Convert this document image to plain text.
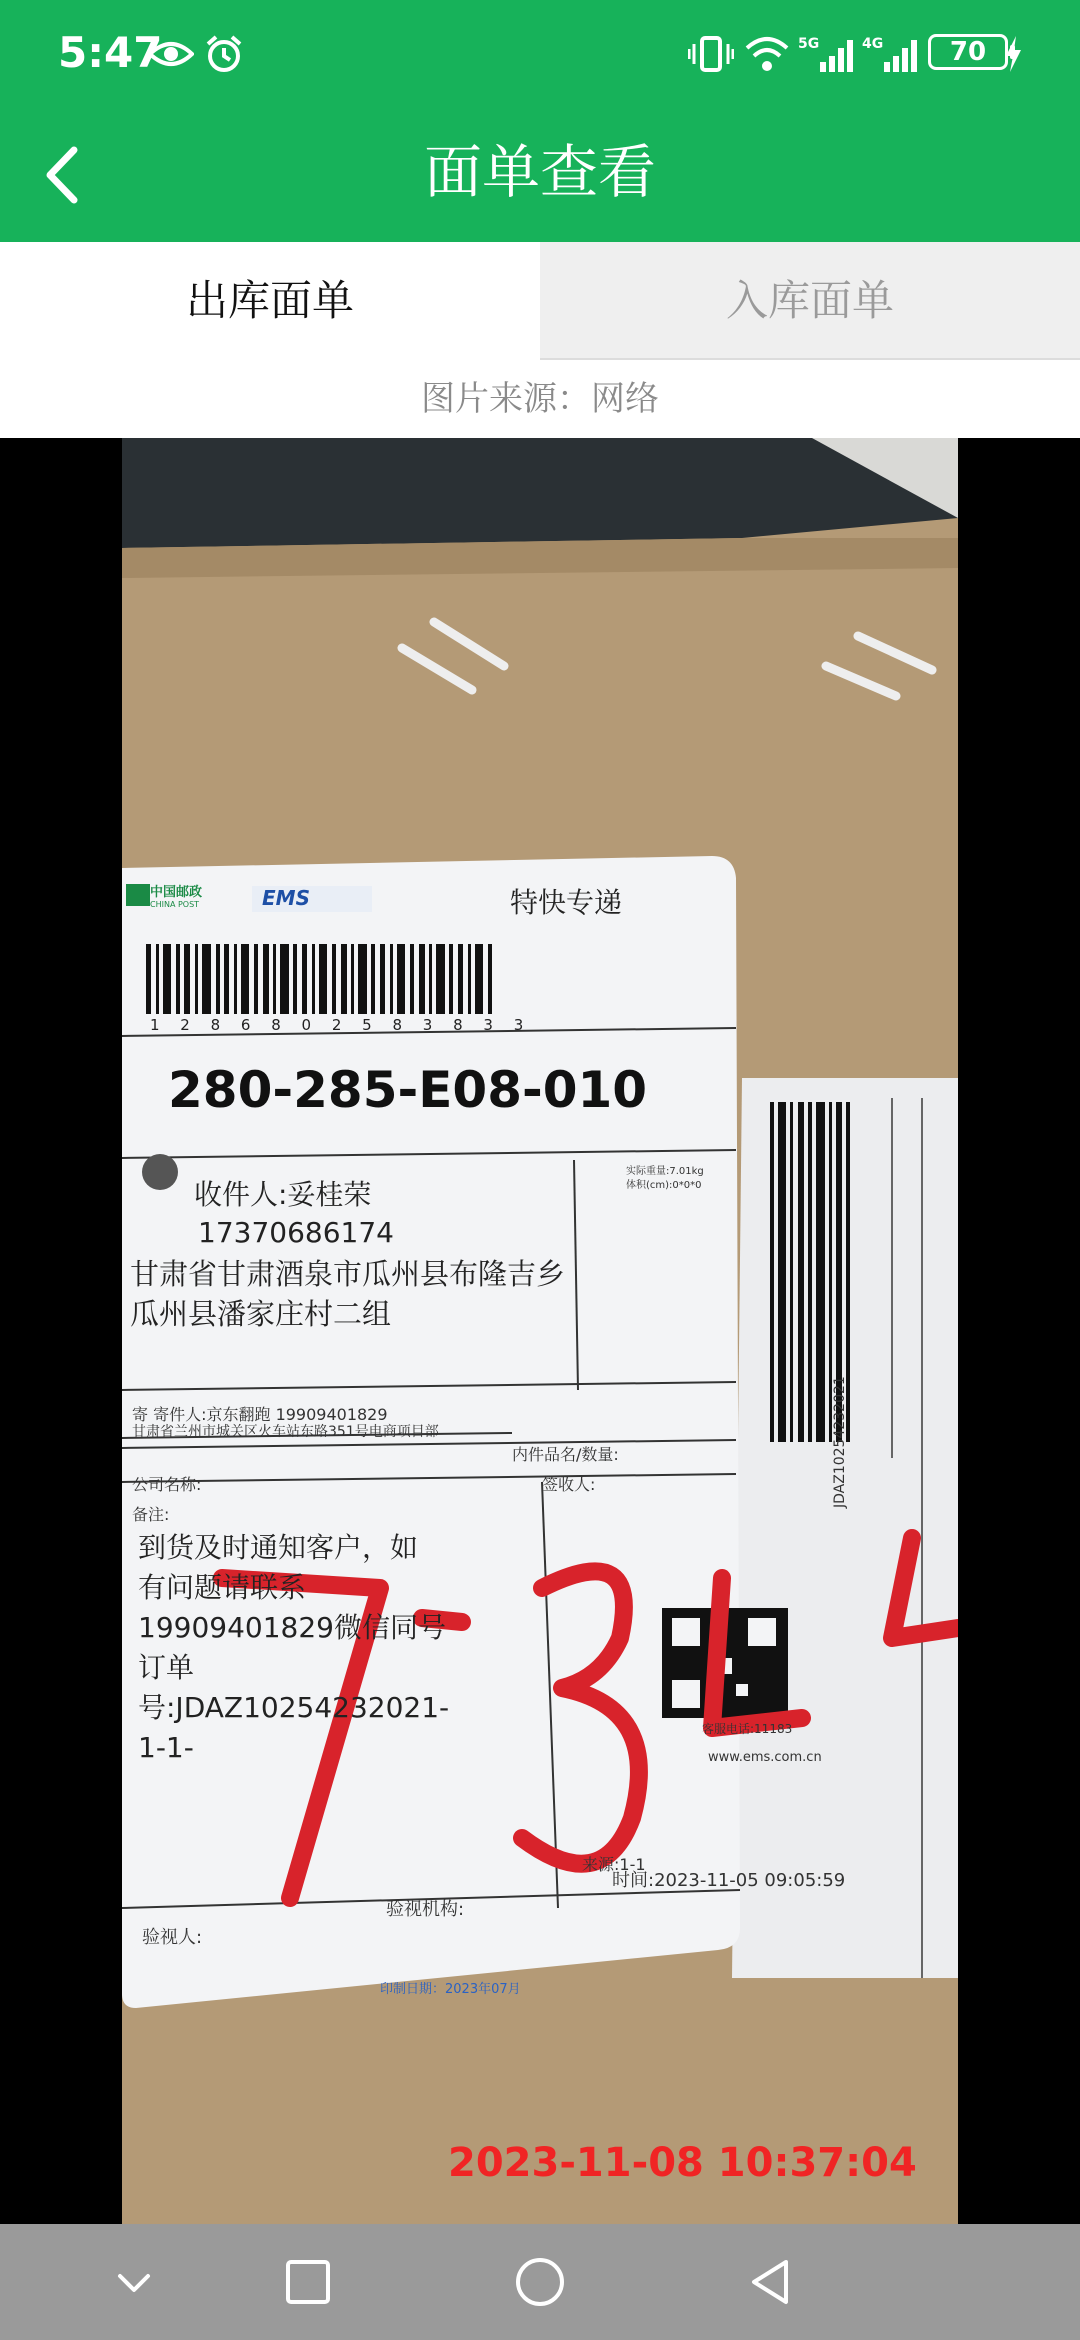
5:47	5G	4G	70
面单查看
出库面单	入库面单
图片来源：网络
中国邮政
CHINA POST	EMS	特快专递
1 2 8 6 8 0 2 5 8 3 8 3 3
280-285-E08-010
实际重量:7.01kg
体积(cm):0*0*0
收件人:妥桂荣
17370686174
甘肃省甘肃酒泉市瓜州县布隆吉乡
瓜州县潘家庄村二组
寄 寄件人:京东翻跑 19909401829
甘肃省兰州市城关区火车站东路351号电商项目部
内件品名/数量:
公司名称:	签收人:
备注:
到货及时通知客户，如
有问题请联系
19909401829微信同号
订单
号:JDAZ10254232021-
1-1-
客服电话:11183
www.ems.com.cn
来源:1-1
时间:2023-11-05 09:05:59
验视人:
验视机构:
印制日期：2023年07月
JDAZ10254232021
2023-11-08 10:37:04
